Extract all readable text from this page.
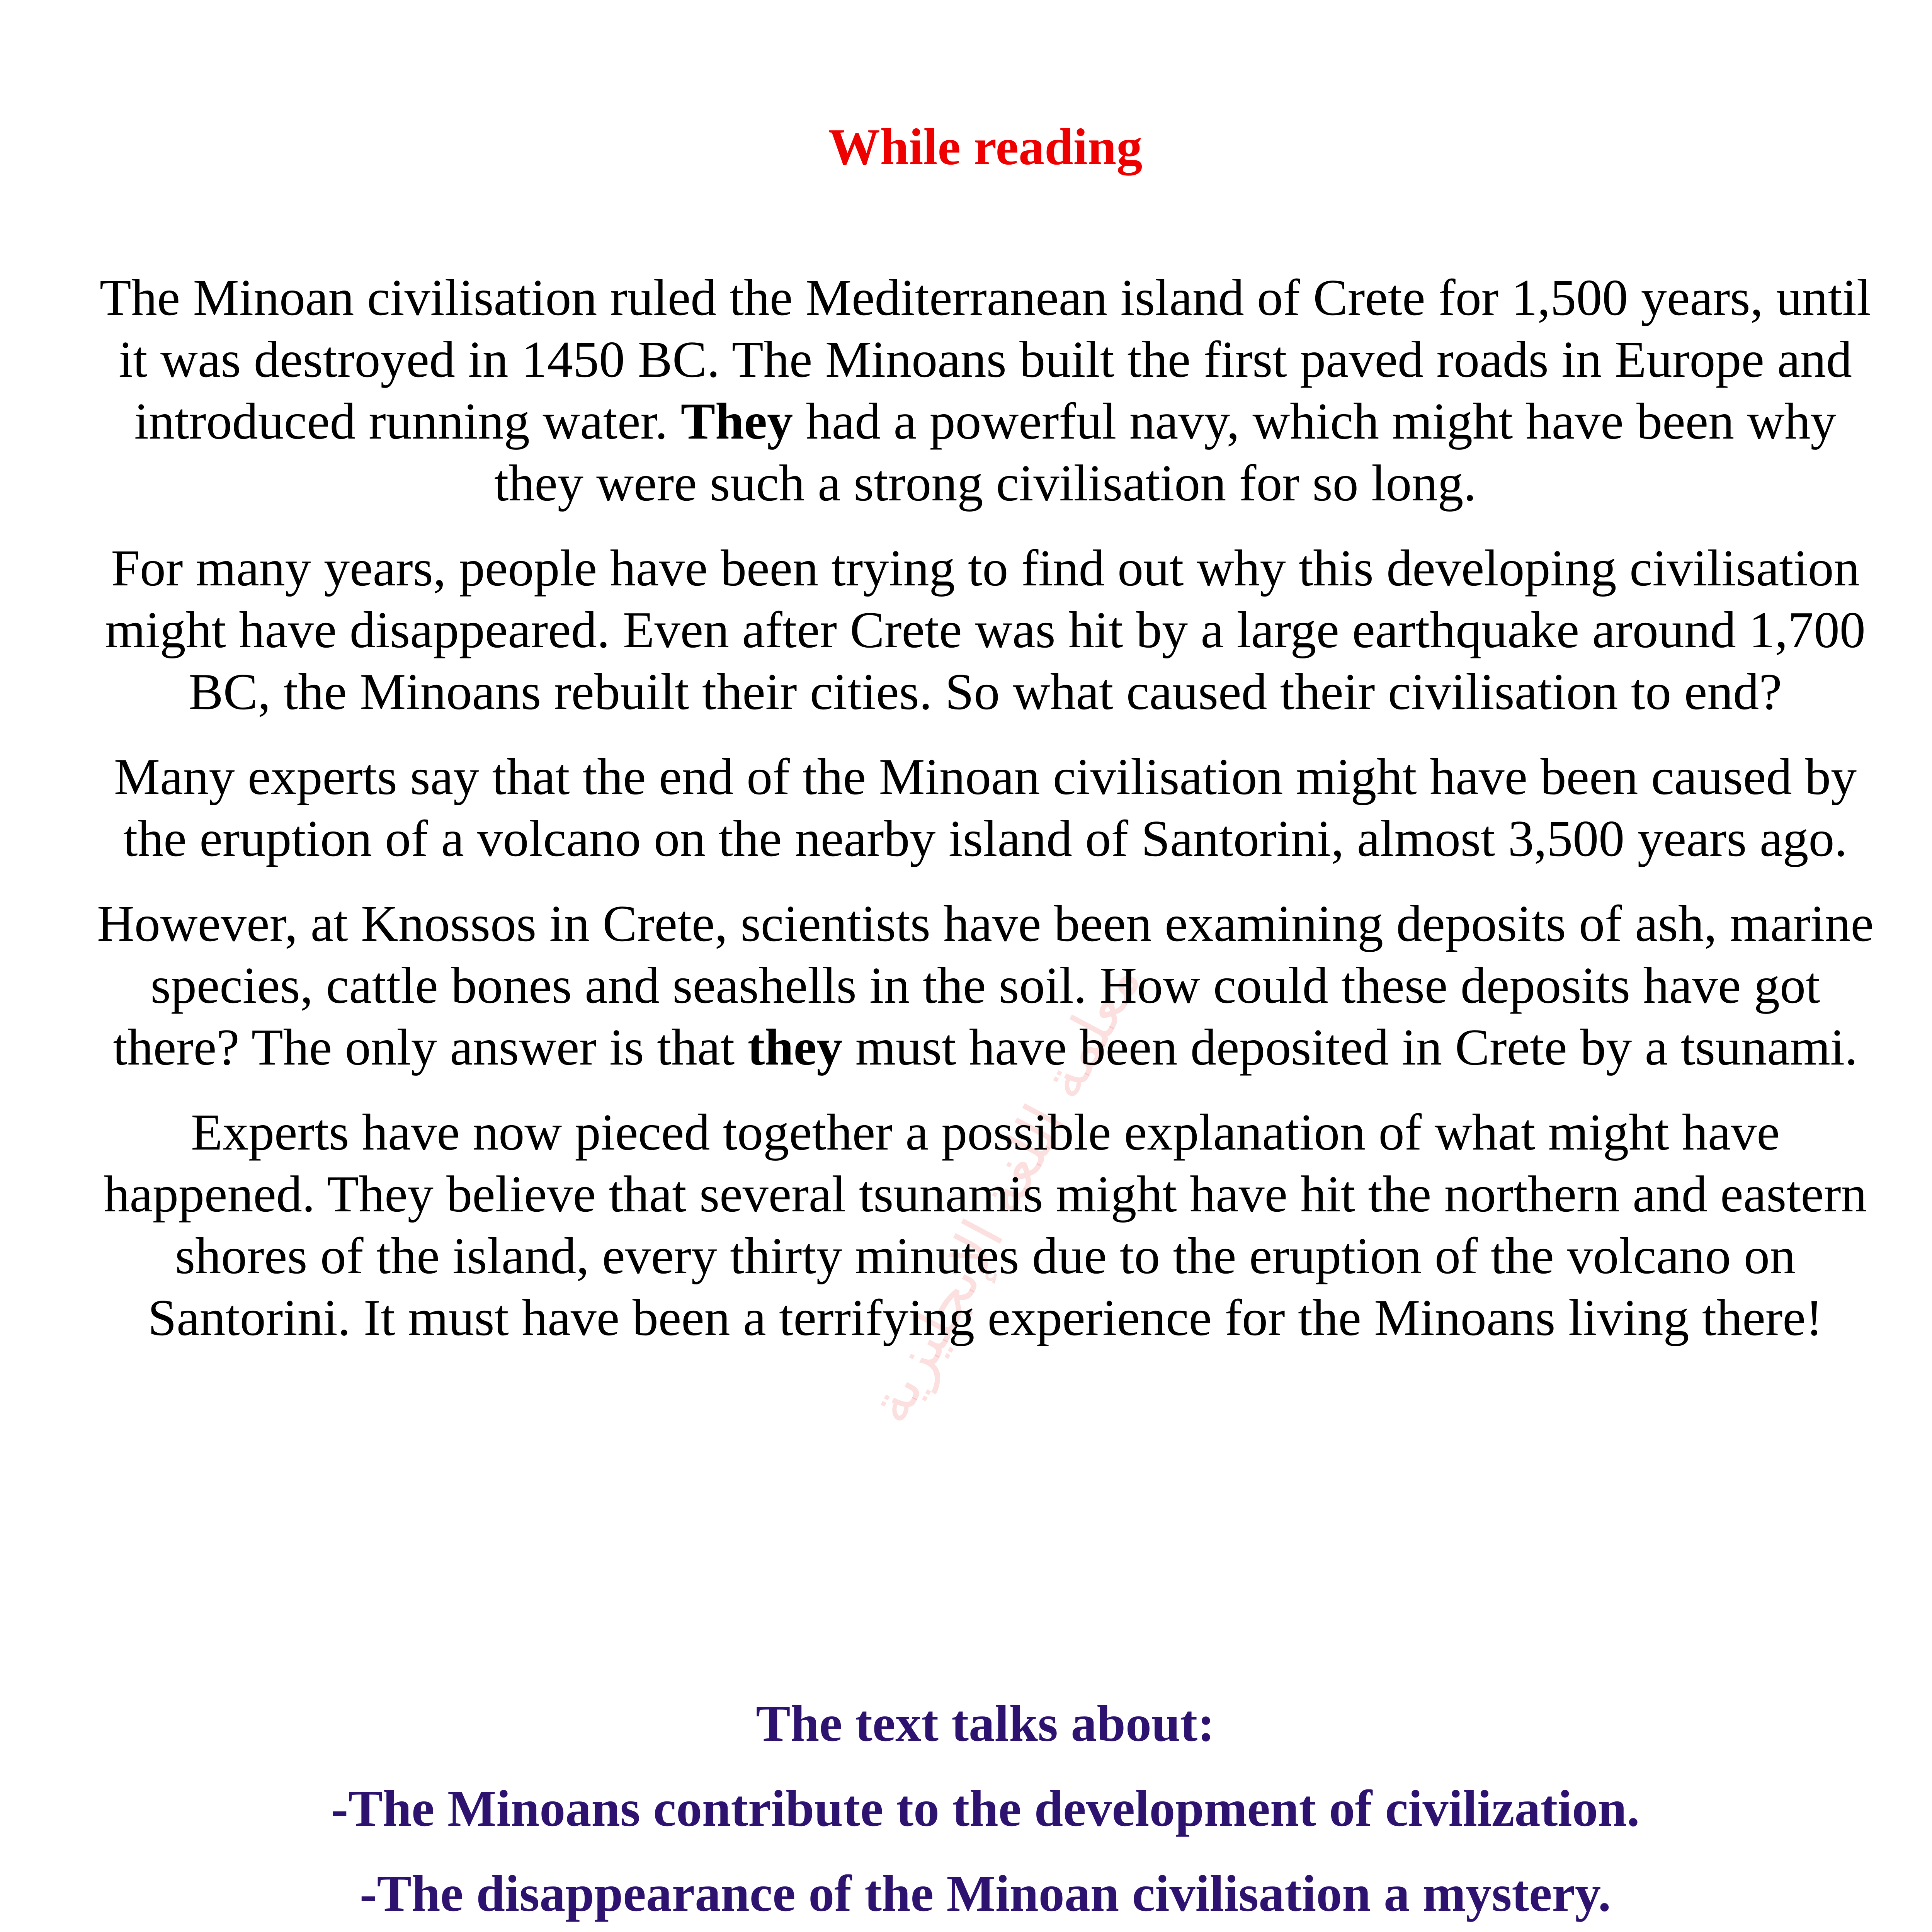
معلمة اللغة الإنجليزية
While reading

The Minoan civilisation ruled the Mediterranean island of Crete for 1,500 years, until it was destroyed in 1450 BC. The Minoans built the first paved roads in Europe and introduced running water. They had a powerful navy, which might have been why they were such a strong civilisation for so long.

For many years, people have been trying to find out why this developing civilisation might have disappeared. Even after Crete was hit by a large earthquake around 1,700 BC, the Minoans rebuilt their cities. So what caused their civilisation to end?

Many experts say that the end of the Minoan civilisation might have been caused by the eruption of a volcano on the nearby island of Santorini, almost 3,500 years ago.

However, at Knossos in Crete, scientists have been examining deposits of ash, marine species, cattle bones and seashells in the soil. How could these deposits have got there? The only answer is that they must have been deposited in Crete by a tsunami.

Experts have now pieced together a possible explanation of what might have happened. They believe that several tsunamis might have hit the northern and eastern shores of the island, every thirty minutes due to the eruption of the volcano on Santorini. It must have been a terrifying experience for the Minoans living there!

The text talks about:
-The Minoans contribute to the development of civilization.
-The disappearance of the Minoan civilisation a mystery.
